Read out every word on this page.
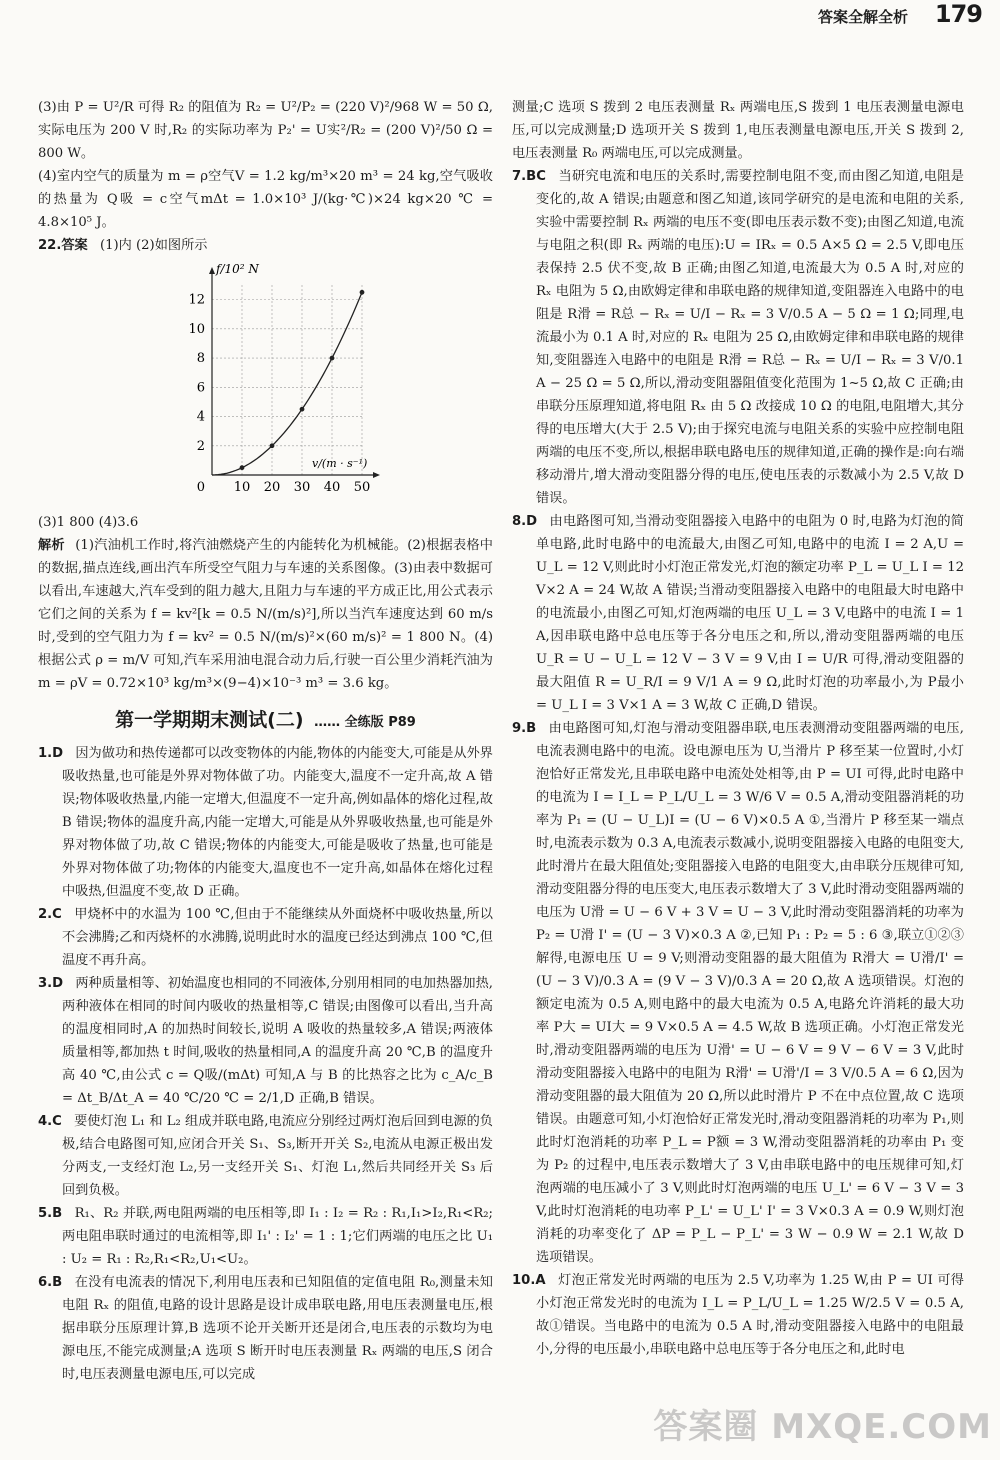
答案全解全析 179

(3)由 P = U²/R 可得 R₂ 的阻值为 R₂ = U²/P₂ = (220 V)²/968 W = 50 Ω,实际电压为 200 V 时,R₂ 的实际功率为 P₂' = U实²/R₂ = (200 V)²/50 Ω = 800 W。

(4)室内空气的质量为 m = ρ空气V = 1.2 kg/m³×20 m³ = 24 kg,空气吸收的热量为 Q吸 = c空气mΔt = 1.0×10³ J/(kg·℃)×24 kg×20 ℃ = 4.8×10⁵ J。

22.答案 (1)内 (2)如图所示

10 20 30 40 50
2
4
6
8
10
12
0
f/10² N
v/(m · s⁻¹)

(3)1 800 (4)3.6

解析 (1)汽油机工作时,将汽油燃烧产生的内能转化为机械能。(2)根据表格中的数据,描点连线,画出汽车所受空气阻力与车速的关系图像。(3)由表中数据可以看出,车速越大,汽车受到的阻力越大,且阻力与车速的平方成正比,用公式表示它们之间的关系为 f = kv²[k = 0.5 N/(m/s)²],所以当汽车速度达到 60 m/s 时,受到的空气阻力为 f = kv² = 0.5 N/(m/s)²×(60 m/s)² = 1 800 N。(4)根据公式 ρ = m/V 可知,汽车采用油电混合动力后,行驶一百公里少消耗汽油为 m = ρV = 0.72×10³ kg/m³×(9−4)×10⁻³ m³ = 3.6 kg。

第一学期期末测试(二) …… 全练版 P89

1.D 因为做功和热传递都可以改变物体的内能,物体的内能变大,可能是从外界吸收热量,也可能是外界对物体做了功。内能变大,温度不一定升高,故 A 错误;物体吸收热量,内能一定增大,但温度不一定升高,例如晶体的熔化过程,故 B 错误;物体的温度升高,内能一定增大,可能是从外界吸收热量,也可能是外界对物体做了功,故 C 错误;物体的内能变大,可能是吸收了热量,也可能是外界对物体做了功;物体的内能变大,温度也不一定升高,如晶体在熔化过程中吸热,但温度不变,故 D 正确。

2.C 甲烧杯中的水温为 100 ℃,但由于不能继续从外面烧杯中吸收热量,所以不会沸腾;乙和丙烧杯的水沸腾,说明此时水的温度已经达到沸点 100 ℃,但温度不再升高。

3.D 两种质量相等、初始温度也相同的不同液体,分别用相同的电加热器加热,两种液体在相同的时间内吸收的热量相等,C 错误;由图像可以看出,当升高的温度相同时,A 的加热时间较长,说明 A 吸收的热量较多,A 错误;两液体质量相等,都加热 t 时间,吸收的热量相同,A 的温度升高 20 ℃,B 的温度升高 40 ℃,由公式 c = Q吸/(mΔt) 可知,A 与 B 的比热容之比为 c_A/c_B = Δt_B/Δt_A = 40 ℃/20 ℃ = 2/1,D 正确,B 错误。

4.C 要使灯泡 L₁ 和 L₂ 组成并联电路,电流应分别经过两灯泡后回到电源的负极,结合电路图可知,应闭合开关 S₁、S₃,断开开关 S₂,电流从电源正极出发分两支,一支经灯泡 L₂,另一支经开关 S₁、灯泡 L₁,然后共同经开关 S₃ 后回到负极。

5.B R₁、R₂ 并联,两电阻两端的电压相等,即 I₁ : I₂ = R₂ : R₁,I₁>I₂,R₁<R₂;两电阻串联时通过的电流相等,即 I₁' : I₂' = 1 : 1;它们两端的电压之比 U₁ : U₂ = R₁ : R₂,R₁<R₂,U₁<U₂。

6.B 在没有电流表的情况下,利用电压表和已知阻值的定值电阻 R₀,测量未知电阻 Rₓ 的阻值,电路的设计思路是设计成串联电路,用电压表测量电压,根据串联分压原理计算,B 选项不论开关断开还是闭合,电压表的示数均为电源电压,不能完成测量;A 选项 S 断开时电压表测量 Rₓ 两端的电压,S 闭合时,电压表测量电源电压,可以完成

测量;C 选项 S 拨到 2 电压表测量 Rₓ 两端电压,S 拨到 1 电压表测量电源电压,可以完成测量;D 选项开关 S 拨到 1,电压表测量电源电压,开关 S 拨到 2,电压表测量 R₀ 两端电压,可以完成测量。

7.BC 当研究电流和电压的关系时,需要控制电阻不变,而由图乙知道,电阻是变化的,故 A 错误;由题意和图乙知道,该同学研究的是电流和电阻的关系,实验中需要控制 Rₓ 两端的电压不变(即电压表示数不变);由图乙知道,电流与电阻之积(即 Rₓ 两端的电压):U = IRₓ = 0.5 A×5 Ω = 2.5 V,即电压表保持 2.5 伏不变,故 B 正确;由图乙知道,电流最大为 0.5 A 时,对应的 Rₓ 电阻为 5 Ω,由欧姆定律和串联电路的规律知道,变阻器连入电路中的电阻是 R滑 = R总 − Rₓ = U/I − Rₓ = 3 V/0.5 A − 5 Ω = 1 Ω;同理,电流最小为 0.1 A 时,对应的 Rₓ 电阻为 25 Ω,由欧姆定律和串联电路的规律知,变阻器连入电路中的电阻是 R滑 = R总 − Rₓ = U/I − Rₓ = 3 V/0.1 A − 25 Ω = 5 Ω,所以,滑动变阻器阻值变化范围为 1~5 Ω,故 C 正确;由串联分压原理知道,将电阻 Rₓ 由 5 Ω 改接成 10 Ω 的电阻,电阻增大,其分得的电压增大(大于 2.5 V);由于探究电流与电阻关系的实验中应控制电阻两端的电压不变,所以,根据串联电路电压的规律知道,正确的操作是:向右端移动滑片,增大滑动变阻器分得的电压,使电压表的示数减小为 2.5 V,故 D 错误。

8.D 由电路图可知,当滑动变阻器接入电路中的电阻为 0 时,电路为灯泡的简单电路,此时电路中的电流最大,由图乙可知,电路中的电流 I = 2 A,U = U_L = 12 V,则此时小灯泡正常发光,灯泡的额定功率 P_L = U_L I = 12 V×2 A = 24 W,故 A 错误;当滑动变阻器接入电路中的电阻最大时电路中的电流最小,由图乙可知,灯泡两端的电压 U_L = 3 V,电路中的电流 I = 1 A,因串联电路中总电压等于各分电压之和,所以,滑动变阻器两端的电压 U_R = U − U_L = 12 V − 3 V = 9 V,由 I = U/R 可得,滑动变阻器的最大阻值 R = U_R/I = 9 V/1 A = 9 Ω,此时灯泡的功率最小,为 P最小 = U_L I = 3 V×1 A = 3 W,故 C 正确,D 错误。

9.B 由电路图可知,灯泡与滑动变阻器串联,电压表测滑动变阻器两端的电压,电流表测电路中的电流。设电源电压为 U,当滑片 P 移至某一位置时,小灯泡恰好正常发光,且串联电路中电流处处相等,由 P = UI 可得,此时电路中的电流为 I = I_L = P_L/U_L = 3 W/6 V = 0.5 A,滑动变阻器消耗的功率为 P₁ = (U − U_L)I = (U − 6 V)×0.5 A ①,当滑片 P 移至某一端点时,电流表示数为 0.3 A,电流表示数减小,说明变阻器接入电路的电阻变大,此时滑片在最大阻值处;变阻器接入电路的电阻变大,由串联分压规律可知,滑动变阻器分得的电压变大,电压表示数增大了 3 V,此时滑动变阻器两端的电压为 U滑 = U − 6 V + 3 V = U − 3 V,此时滑动变阻器消耗的功率为 P₂ = U滑 I' = (U − 3 V)×0.3 A ②,已知 P₁ : P₂ = 5 : 6 ③,联立①②③解得,电源电压 U = 9 V;则滑动变阻器的最大阻值为 R滑大 = U滑/I' = (U − 3 V)/0.3 A = (9 V − 3 V)/0.3 A = 20 Ω,故 A 选项错误。灯泡的额定电流为 0.5 A,则电路中的最大电流为 0.5 A,电路允许消耗的最大功率 P大 = UI大 = 9 V×0.5 A = 4.5 W,故 B 选项正确。小灯泡正常发光时,滑动变阻器两端的电压为 U滑' = U − 6 V = 9 V − 6 V = 3 V,此时滑动变阻器接入电路中的电阻为 R滑' = U滑'/I = 3 V/0.5 A = 6 Ω,因为滑动变阻器的最大阻值为 20 Ω,所以此时滑片 P 不在中点位置,故 C 选项错误。由题意可知,小灯泡恰好正常发光时,滑动变阻器消耗的功率为 P₁,则此时灯泡消耗的功率 P_L = P额 = 3 W,滑动变阻器消耗的功率由 P₁ 变为 P₂ 的过程中,电压表示数增大了 3 V,由串联电路中的电压规律可知,灯泡两端的电压减小了 3 V,则此时灯泡两端的电压 U_L' = 6 V − 3 V = 3 V,此时灯泡消耗的电功率 P_L' = U_L' I' = 3 V×0.3 A = 0.9 W,则灯泡消耗的功率变化了 ΔP = P_L − P_L' = 3 W − 0.9 W = 2.1 W,故 D 选项错误。

10.A 灯泡正常发光时两端的电压为 2.5 V,功率为 1.25 W,由 P = UI 可得小灯泡正常发光时的电流为 I_L = P_L/U_L = 1.25 W/2.5 V = 0.5 A,故①错误。当电路中的电流为 0.5 A 时,滑动变阻器接入电路中的电阻最小,分得的电压最小,串联电路中总电压等于各分电压之和,此时电

答案圈 MXQE.COM
